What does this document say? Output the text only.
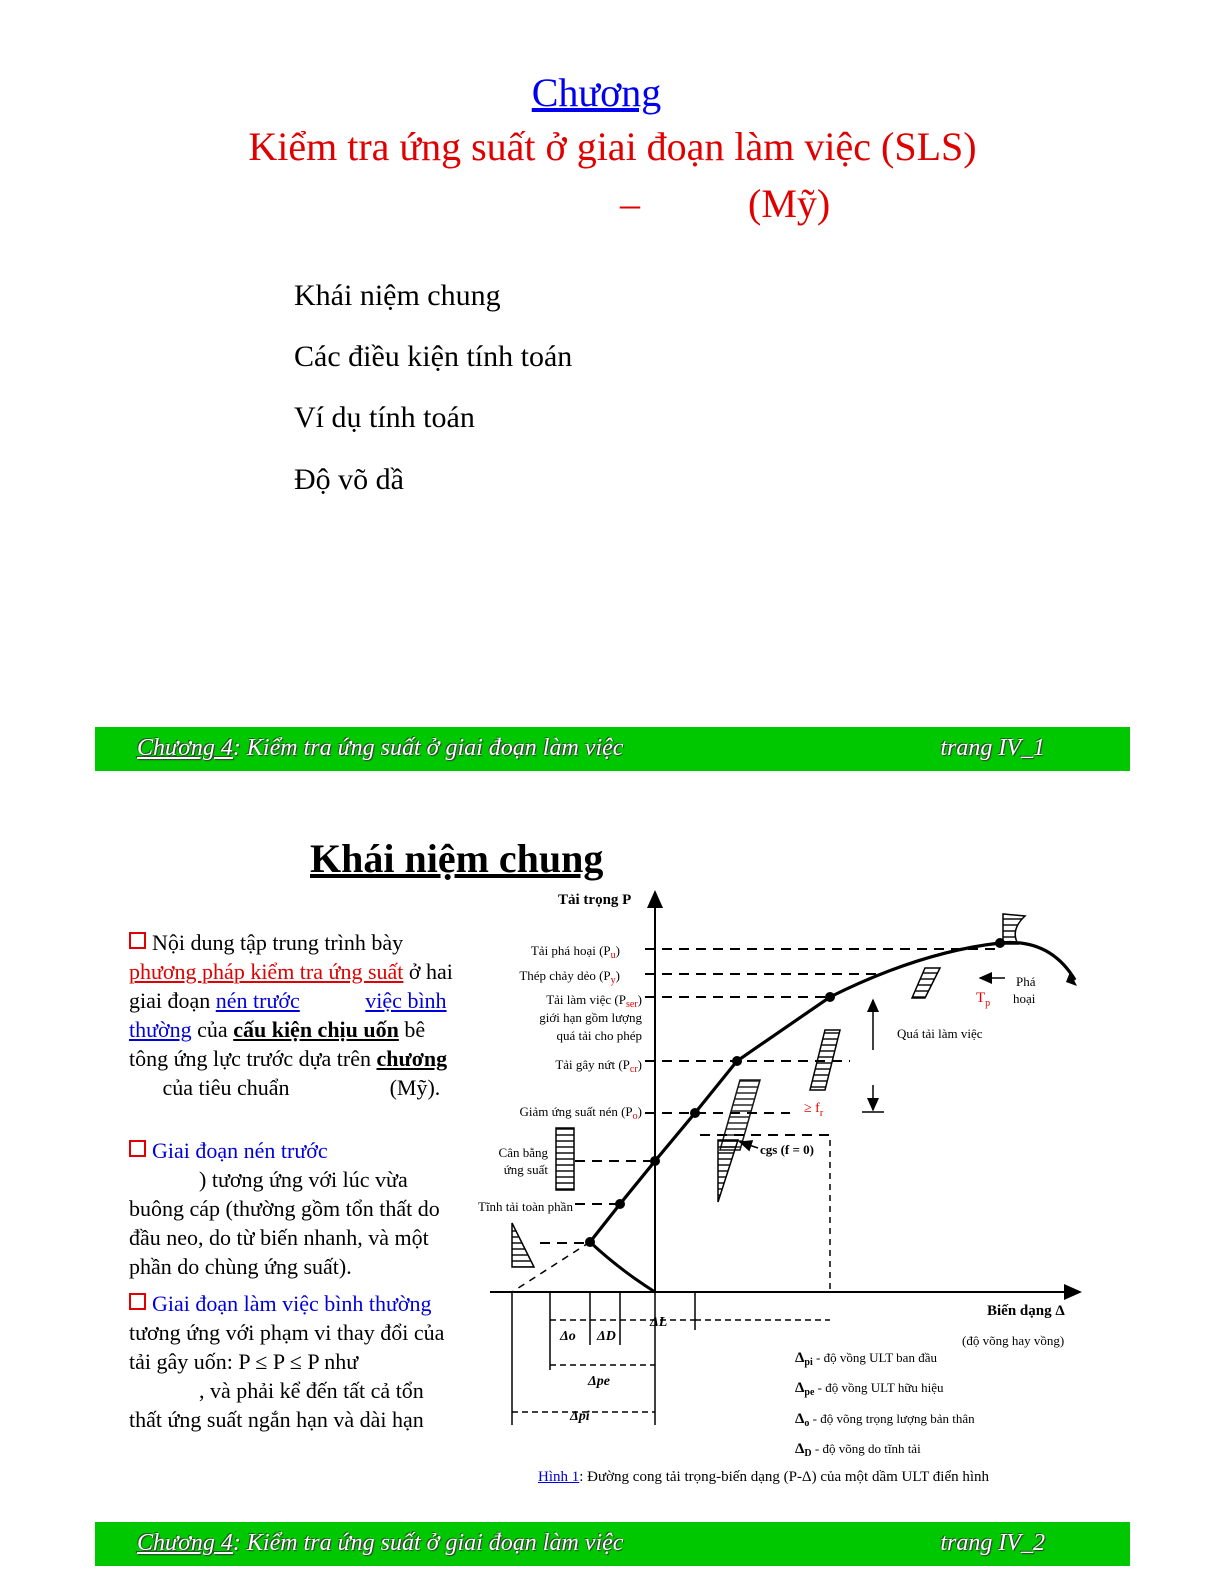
Chương
Kiểm tra ứng suất ở giai đoạn làm việc (SLS)
–	(Mỹ)
Khái niệm chung
Các điều kiện tính toán
Ví dụ tính toán
Độ võ dầ
Chương 4: Kiểm tra ứng suất ở giai đoạn làm việc	trang IV_1
Khái niệm chung
Nội dung tập trung trình bày phương pháp kiểm tra ứng suất ở hai giai đoạn nén trước	việc bình thường của cấu kiện chịu uốn bê tông ứng lực trước dựa trên chương của tiêu chuẩn	(Mỹ).
Giai đoạn nén trước
) tương ứng với lúc vừa buông cáp (thường gồm tổn thất do đầu neo, do từ biến nhanh, và một phần do chùng ứng suất).
Giai đoạn làm việc bình thường
tương ứng với phạm vi thay đổi của tải gây uốn: P ≤ P ≤ P như
, và phải kể đến tất cả tổn thất ứng suất ngắn hạn và dài hạn
Tải trọng P
Tải phá hoại $(P_u)$
Thép chảy dẻo $(P_y)$
Tải làm việc $(P_{ser})$
giới hạn gồm lượng
quá tải cho phép
Tải gây nứt $(P_{cr})$
Giảm ứng suất nén $(P_o)$
Cân bằng
ứng suất
Tĩnh tải toàn phần
$T_p$
Phá
hoại
Quá tải làm việc
≥ $f_r$
cgs (f = 0)
Biến dạng Δ
(độ võng hay vồng)
Δo ΔD
ΔL
Δpe
Δpi
$\Delta_{pi}$ - độ vồng ULT ban đầu
$\Delta_{pe}$ - độ vồng ULT hữu hiệu
$\Delta_o$ - độ võng trọng lượng bản thân
$\Delta_D$ - độ võng do tĩnh tải
Hình 1: Đường cong tải trọng-biến dạng (P-Δ) của một dầm ULT điển hình
Chương 4: Kiểm tra ứng suất ở giai đoạn làm việc	trang IV_2
